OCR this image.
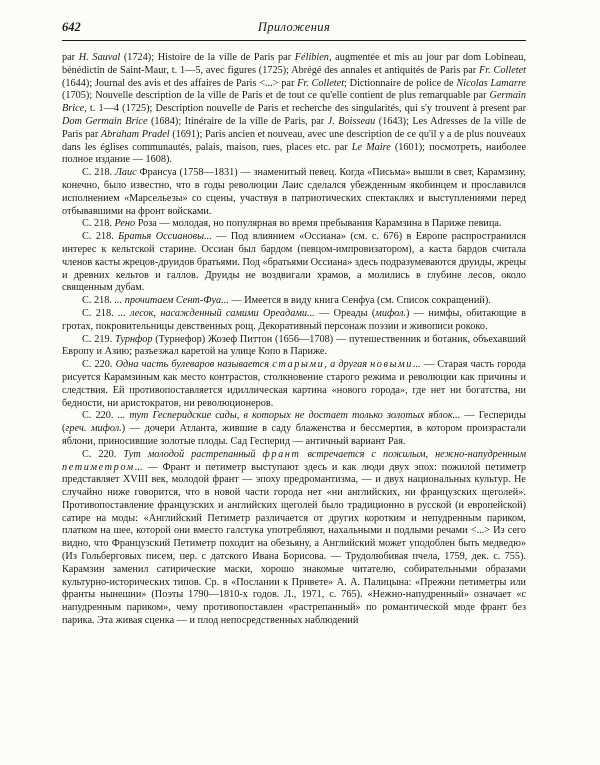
642	Приложения

par H. Sauval (1724); Histoire de la ville de Paris par Félibien, augmentée et mis au jour par dom Lobineau, bénédictin de Saint-Maur, t. 1—5, avec figures (1725); Abrégé des annales et antiquités de Paris par Fr. Colletet (1644); Journal des avis et des affaires de Paris <...> par Fr. Colletet; Dictionnaire de police de Nicolas Lamarre (1705); Nouvelle description de la ville de Paris et de tout ce qu'elle contient de plus remarquable par Germain Brice, t. 1—4 (1725); Description nouvelle de Paris et recherche des singularités, qui s'y trouvent à present par Dom Germain Brice (1684); Itinéraire de la ville de Paris, par J. Boisseau (1643); Les Adresses de la ville de Paris par Abraham Pradel (1691); Paris ancien et nouveau, avec une description de ce qu'il y a de plus nouveaux dans les églises communautés, palais, maison, rues, places etc. par Le Maire (1601); посмотреть, наиболее полное издание — 1608).

С. 218. Лаис Франсуа (1758—1831) — знаменитый певец. Когда «Письма» вышли в свет, Карамзину, конечно, было известно, что в годы революции Лаис сделался убежденным якобинцем и прославился исполнением «Марсельезы» со сцены, участвуя в патриотических спектаклях и выступлениями перед отбывавшими на фронт войсками.

С. 218. Рено Роза — молодая, но популярная во время пребывания Карамзина в Париже певица.

С. 218. Братья Оссиановы... — Под влиянием «Оссиана» (см. с. 676) в Европе распространился интерес к кельтской старине. Оссиан был бардом (певцом-импровизатором), а каста бардов считала членов касты жрецов-друидов братьями. Под «братьями Оссиана» здесь подразумеваются друиды, жрецы и древних кельтов и галлов. Друиды не воздвигали храмов, а молились в глубине лесов, около священным дубам.

С. 218. ... прочитаем Сент-Фуа... — Имеется в виду книга Сенфуа (см. Список сокращений).

С. 218. ... лесок, насажденный самими Ореадами... — Ореады (мифол.) — нимфы, обитающие в гротах, покровительницы девственных рощ. Декоративный персонаж поэзии и живописи рококо.

С. 219. Турнфор (Турнефор) Жозеф Питтон (1656—1708) — путешественник и ботаник, объехавший Европу и Азию; разъезжал каретой на улице Копо в Париже.

С. 220. Одна часть булеваров называется старыми, а другая новыми... — Старая часть города рисуется Карамзиным как место контрастов, столкновение старого режима и революции как причины и следствия. Ей противопоставляется идиллическая картина «нового города», где нет ни богатства, ни бедности, ни аристократов, ни революционеров.

С. 220. ... тут Гесперидские сады, в которых не достает только золотых яблок... — Геспериды (греч. мифол.) — дочери Атланта, жившие в саду блаженства и бессмертия, в котором произрастали яблони, приносившие золотые плоды. Сад Гесперид — античный вариант Рая.

С. 220. Тут молодой растрепанный франт встречается с пожилым, нежно-напудренным петиметром... — Франт и петиметр выступают здесь и как люди двух эпох: пожилой петиметр представляет XVIII век, молодой франт — эпоху предромантизма, — и двух национальных культур. Не случайно ниже говорится, что в новой части города нет «ни английских, ни французских щеголей». Противопоставление французских и английских щеголей было традиционно в русской (и европейской) сатире на моды: «Английский Петиметр различается от других коротким и непудренным париком, платком на шее, которой они вместо галстука употребляют, нахальными и подлыми речами <...> Из сего видно, что Французский Петиметр походит на обезьяну, а Английский может уподоблен быть медведю» (Из Гольберговых писем, пер. с датского Ивана Борисова. — Трудолюбивая пчела, 1759, дек. с. 755). Карамзин заменил сатирические маски, хорошо знакомые читателю, собирательными образами культурно-исторических типов. Ср. в «Послании к Привете» А. А. Палицына: «Прежни петиметры или франты нынешни» (Поэты 1790—1810-х годов. Л., 1971, с. 765). «Нежно-напудренный» означает «с напудренным париком», чему противопоставлен «растрепанный» по романтической моде франт без парика. Эта живая сценка — и плод непосредственных наблюдений
